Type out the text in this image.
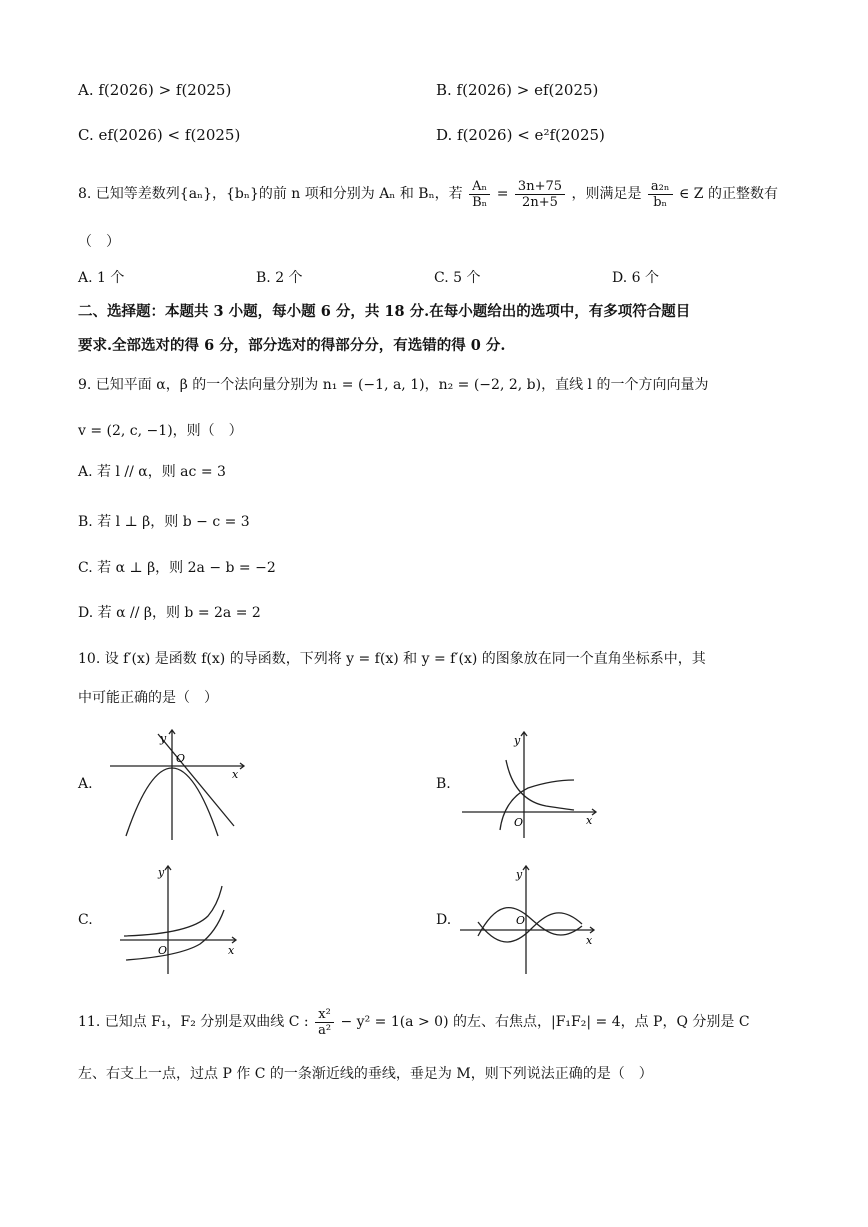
A. f(2026) > f(2025)	B. f(2026) > ef(2025)
C. ef(2026) < f(2025)	D. f(2026) < e²f(2025)
8. 已知等差数列{aₙ}，{bₙ}的前 n 项和分别为 Aₙ 和 Bₙ，若 $\frac{\text{Aₙ}}{\text{Bₙ}} = \frac{3n+75}{2n+5}$ ，则满足是 $\frac{\text{a₂ₙ}}{\text{bₙ}}$ ∈ Z 的正整数有
（　）
A. 1 个	B. 2 个	C. 5 个	D. 6 个
二、选择题：本题共 3 小题，每小题 6 分，共 18 分.在每小题给出的选项中，有多项符合题目
要求.全部选对的得 6 分，部分选对的得部分分，有选错的得 0 分.
9. 已知平面 α，β 的一个法向量分别为 n₁ = (−1, a, 1)，n₂ = (−2, 2, b)，直线 l 的一个方向向量为
v = (2, c, −1)，则（　）
A. 若 l // α，则 ac = 3
B. 若 l ⊥ β，则 b − c = 3
C. 若 α ⊥ β，则 2a − b = −2
D. 若 α // β，则 b = 2a = 2
10. 设 f′(x) 是函数 f(x) 的导函数，下列将 y = f(x) 和 y = f′(x) 的图象放在同一个直角坐标系中，其
中可能正确的是（　）
A.
y
O
x
B.
y
O	x
C.
y
O	x
D.
y
O
x
11. 已知点 F₁，F₂ 分别是双曲线 C : $\frac{\text{x²}}{\text{a²}} - y^2 = 1(a > 0)$ 的左、右焦点，|F₁F₂| = 4，点 P，Q 分别是 C
左、右支上一点，过点 P 作 C 的一条渐近线的垂线，垂足为 M，则下列说法正确的是（　）
